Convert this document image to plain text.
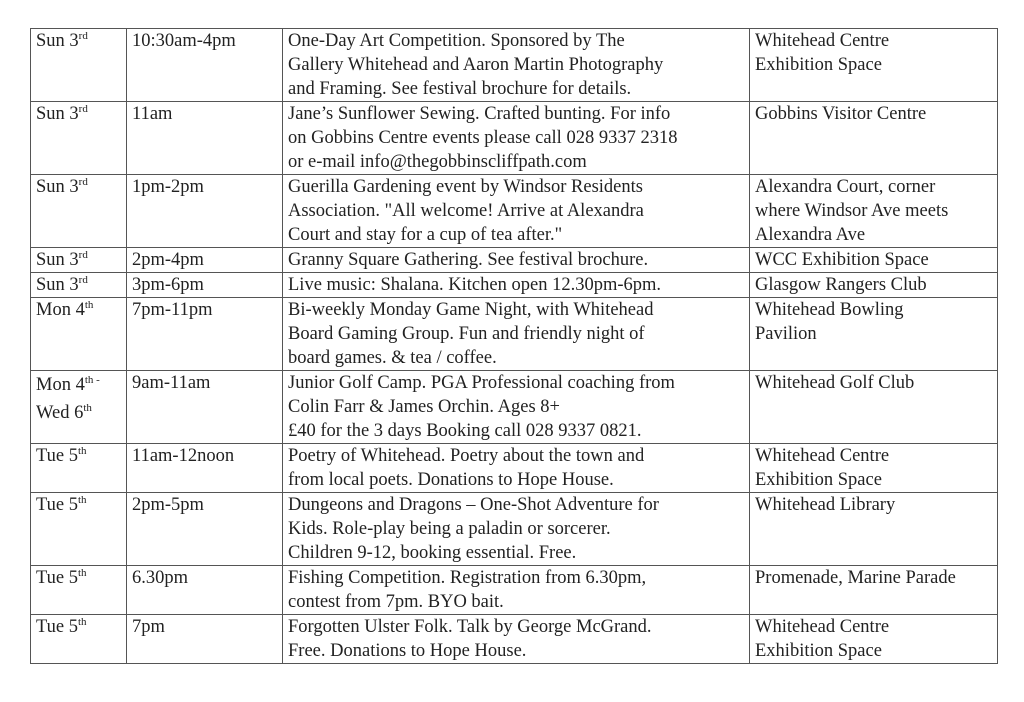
Sun 3rd	10:30am-4pm	One-Day Art Competition. Sponsored by The
Gallery Whitehead and Aaron Martin Photography
and Framing. See festival brochure for details.	Whitehead Centre
Exhibition Space

Sun 3rd	11am	Jane’s Sunflower Sewing. Crafted bunting. For info
on Gobbins Centre events please call 028 9337 2318
or e-mail info@thegobbinscliffpath.com	Gobbins Visitor Centre

Sun 3rd	1pm-2pm	Guerilla Gardening event by Windsor Residents
Association. "All welcome! Arrive at Alexandra
Court and stay for a cup of tea after."	Alexandra Court, corner
where Windsor Ave meets
Alexandra Ave

Sun 3rd	2pm-4pm	Granny Square Gathering. See festival brochure.	WCC Exhibition Space

Sun 3rd	3pm-6pm	Live music: Shalana. Kitchen open 12.30pm-6pm.	Glasgow Rangers Club

Mon 4th	7pm-11pm	Bi-weekly Monday Game Night, with Whitehead
Board Gaming Group. Fun and friendly night of
board games. & tea / coffee.	Whitehead Bowling
Pavilion

Mon $4^{th -}$
Wed 6th	9am-11am	Junior Golf Camp. PGA Professional coaching from
Colin Farr & James Orchin. Ages 8+
£40 for the 3 days Booking call 028 9337 0821.	Whitehead Golf Club

Tue 5th	11am-12noon	Poetry of Whitehead. Poetry about the town and
from local poets. Donations to Hope House.	Whitehead Centre
Exhibition Space

Tue 5th	2pm-5pm	Dungeons and Dragons – One-Shot Adventure for
Kids. Role-play being a paladin or sorcerer.
Children 9-12, booking essential. Free.	Whitehead Library

Tue 5th	6.30pm	Fishing Competition. Registration from 6.30pm,
contest from 7pm. BYO bait.	Promenade, Marine Parade

Tue 5th	7pm	Forgotten Ulster Folk. Talk by George McGrand.
Free. Donations to Hope House.	Whitehead Centre
Exhibition Space
